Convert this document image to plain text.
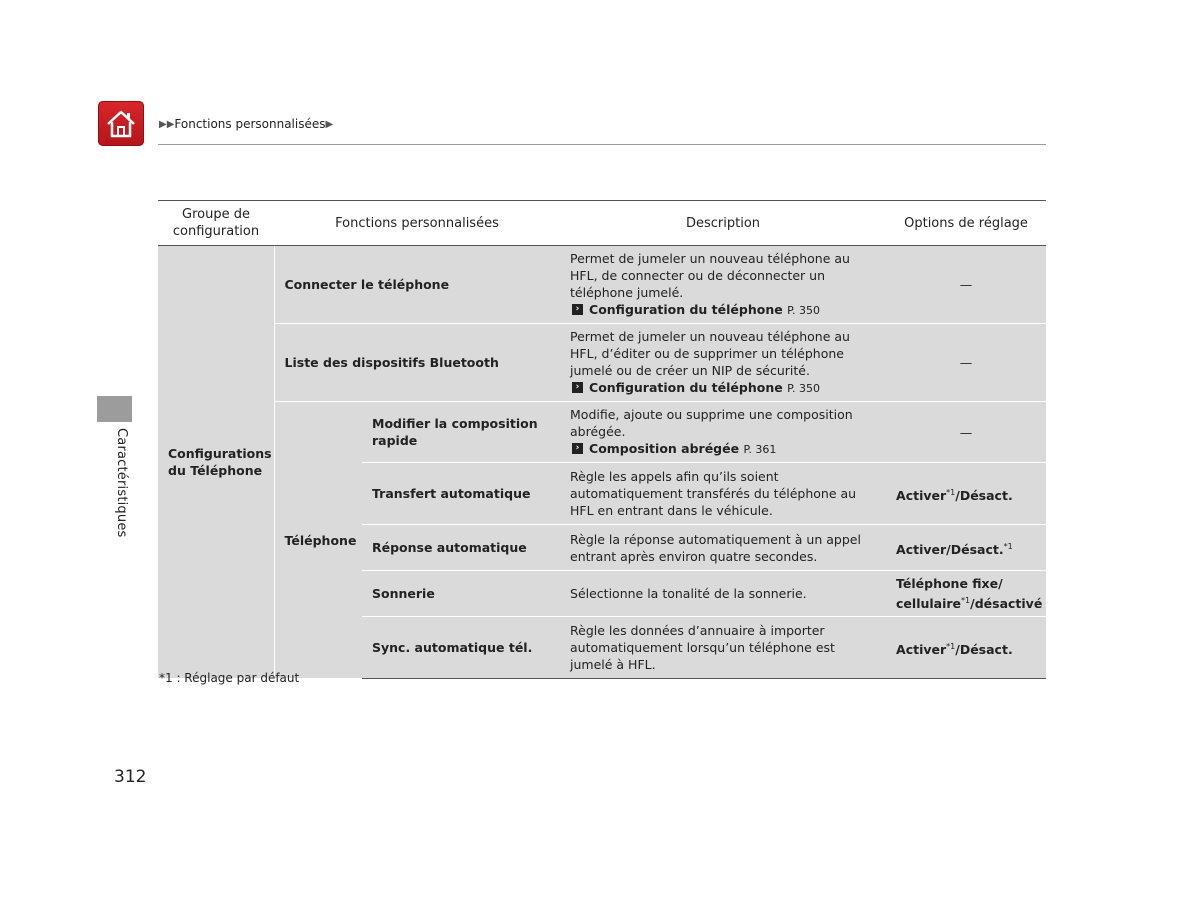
▶▶ Fonctions personnalisées ▶
Caractéristiques
Groupe de configuration	Fonctions personnalisées		Description	Options de réglage
Configurations du Téléphone	Connecter le téléphone		Permet de jumeler un nouveau téléphone au HFL, de connecter ou de déconnecter un téléphone jumelé.
› Configuration du téléphone P. 350	—
	Liste des dispositifs Bluetooth		Permet de jumeler un nouveau téléphone au HFL, d’éditer ou de supprimer un téléphone jumelé ou de créer un NIP de sécurité.
› Configuration du téléphone P. 350	—
	Téléphone	Modifier la composition rapide	Modifie, ajoute ou supprime une composition abrégée.
› Composition abrégée P. 361	—
		Transfert automatique	Règle les appels afin qu’ils soient automatiquement transférés du téléphone au HFL en entrant dans le véhicule.	Activer$^{*1}$/Désact.
		Réponse automatique	Règle la réponse automatiquement à un appel entrant après environ quatre secondes.	Activer/Désact.$^{*1}$
		Sonnerie	Sélectionne la tonalité de la sonnerie.	Téléphone fixe/
cellulaire$^{*1}$/désactivé
		Sync. automatique tél.	Règle les données d’annuaire à importer automatiquement lorsqu’un téléphone est jumelé à HFL.	Activer$^{*1}$/Désact.
*1 : Réglage par défaut
312
